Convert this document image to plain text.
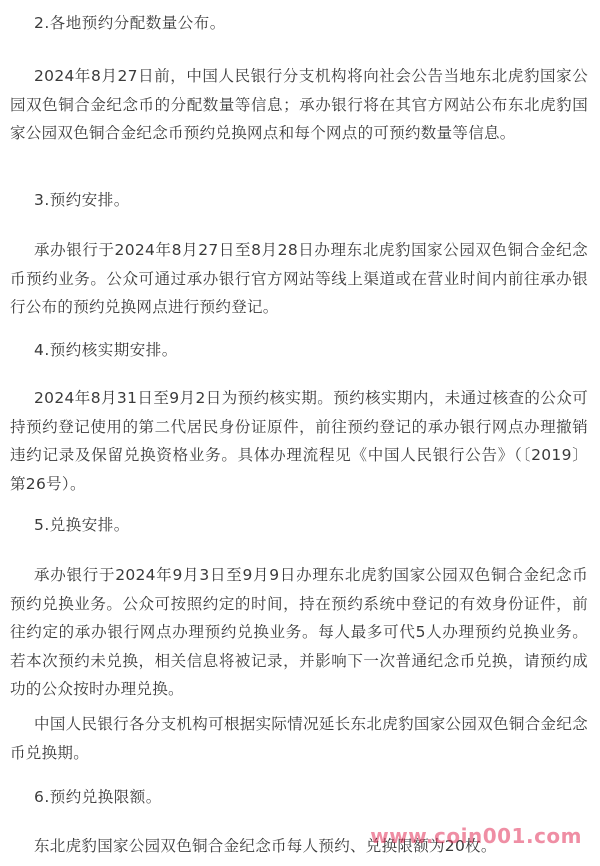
2.各地预约分配数量公布。
2024年8月27日前，中国人民银行分支机构将向社会公告当地东北虎豹国家公园双色铜合金纪念币的分配数量等信息；承办银行将在其官方网站公布东北虎豹国家公园双色铜合金纪念币预约兑换网点和每个网点的可预约数量等信息。
3.预约安排。
承办银行于2024年8月27日至8月28日办理东北虎豹国家公园双色铜合金纪念币预约业务。公众可通过承办银行官方网站等线上渠道或在营业时间内前往承办银行公布的预约兑换网点进行预约登记。
4.预约核实期安排。
2024年8月31日至9月2日为预约核实期。预约核实期内，未通过核查的公众可持预约登记使用的第二代居民身份证原件，前往预约登记的承办银行网点办理撤销违约记录及保留兑换资格业务。具体办理流程见《中国人民银行公告》（〔2019〕第26号）。
5.兑换安排。
承办银行于2024年9月3日至9月9日办理东北虎豹国家公园双色铜合金纪念币预约兑换业务。公众可按照约定的时间，持在预约系统中登记的有效身份证件，前往约定的承办银行网点办理预约兑换业务。每人最多可代5人办理预约兑换业务。若本次预约未兑换，相关信息将被记录，并影响下一次普通纪念币兑换，请预约成功的公众按时办理兑换。
中国人民银行各分支机构可根据实际情况延长东北虎豹国家公园双色铜合金纪念币兑换期。
6.预约兑换限额。
东北虎豹国家公园双色铜合金纪念币每人预约、兑换限额为20枚。
www.coin001.com
